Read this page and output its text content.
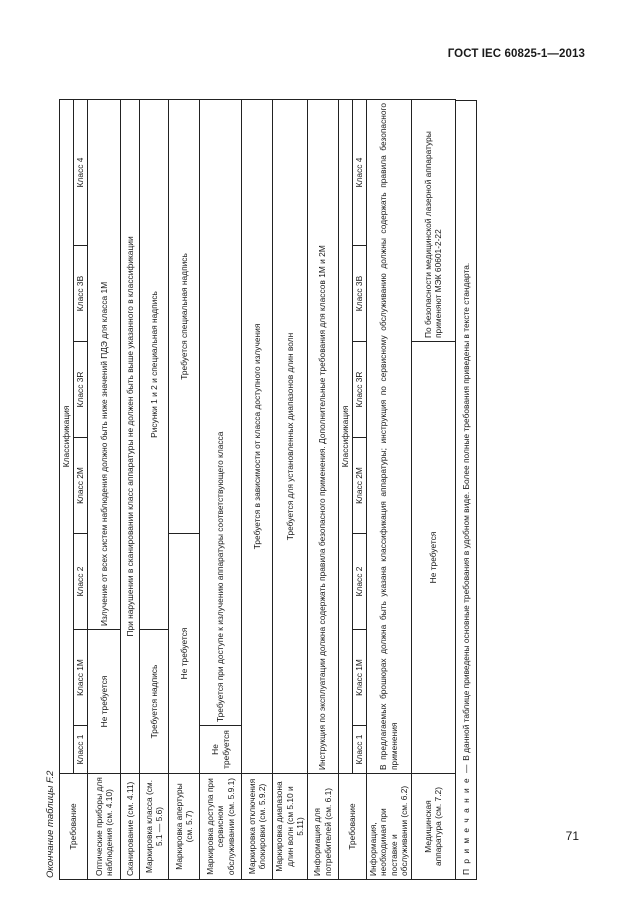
ГОСТ IEC 60825-1—2013
Окончание таблицы F.2	Требование	Классификация						
	Класс 1	Класс 1М	Класс 2	Класс 2М	Класс 3R	Класс 3В	Класс 4
Оптические приборы для наблюдения (см. 4.10)	Не требуется		Излучение от всех систем наблюдения должно быть ниже значений ПДЭ для класса 1М				
Сканирование (см. 4.11)	При нарушении в сканировании класс аппаратуры не должен быть выше указанного в классификации						
Маркировка класса (см. 5.1 — 5.6)	Требуется надпись		Рисунки 1 и 2 и специальная надпись				
Маркировка апертуры (см. 5.7)	Не требуется			Требуется специальная надпись			
Маркировка доступа при сервисном обслуживании (см. 5.9.1)	Не требуется	Требуется при доступе к излучению аппаратуры соответствующего класса					
Маркировка отключения блокировки (см. 5.9.2)	Требуется в зависимости от класса доступного излучения						
Маркировка диапазона длин волн (см 5.10 и 5.11)	Требуется для установленных диапазонов длин волн						
Информация для потребителей (см. 6.1)	Инструкция по эксплуатации должна содержать правила безопасного применения. Дополнительные требования для классов 1М и 2М						
Требование	Классификация						
	Класс 1	Класс 1М	Класс 2	Класс 2М	Класс 3R	Класс 3В	Класс 4
Информация, необходимая при поставке и обслуживании (см. 6.2)	В предлагаемых брошюрах должна быть указана классификация аппаратуры; инструкция по сервисному обслуживанию должны содержать правила безопасного применения						
Медицинская аппаратура (см. 7.2)	Не требуется					По безопасности медицинской лазерной аппаратуры применяют МЭК 60601-2-22	
П р и м е ч а н и е — В данной таблице приведены основные требования в удобном виде. Более полные требования приведены в тексте стандарта.
71
